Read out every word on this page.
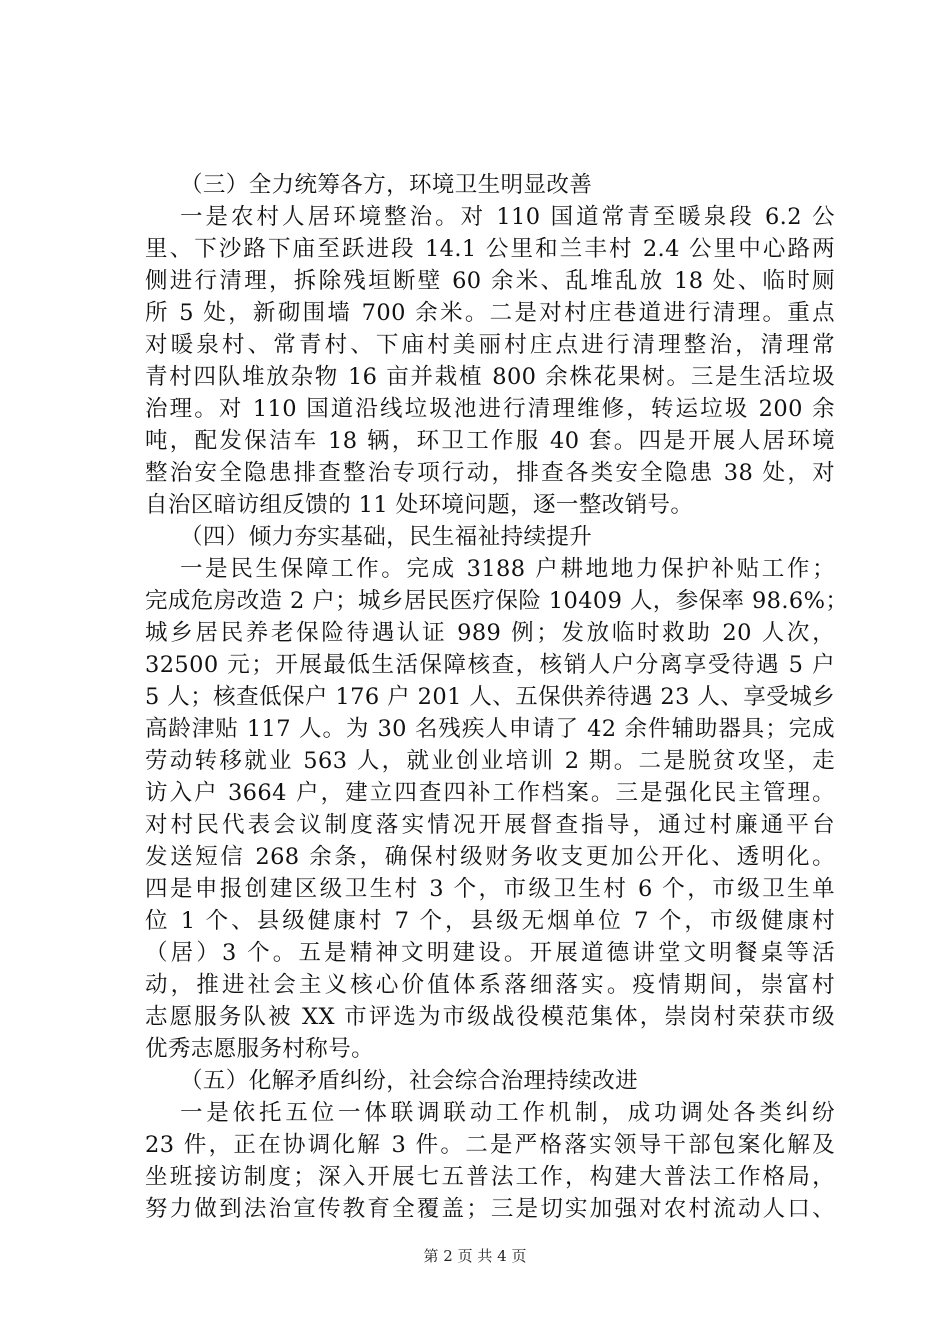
（三）全力统筹各方，环境卫生明显改善
一是农村人居环境整治。对 110 国道常青至暖泉段 6.2 公
里、下沙路下庙至跃进段 14.1 公里和兰丰村 2.4 公里中心路两
侧进行清理，拆除残垣断壁 60 余米、乱堆乱放 18 处、临时厕
所 5 处，新砌围墙 700 余米。二是对村庄巷道进行清理。重点
对暖泉村、常青村、下庙村美丽村庄点进行清理整治，清理常
青村四队堆放杂物 16 亩并栽植 800 余株花果树。三是生活垃圾
治理。对 110 国道沿线垃圾池进行清理维修，转运垃圾 200 余
吨，配发保洁车 18 辆，环卫工作服 40 套。四是开展人居环境
整治安全隐患排查整治专项行动，排查各类安全隐患 38 处，对
自治区暗访组反馈的 11 处环境问题，逐一整改销号。
（四）倾力夯实基础，民生福祉持续提升
一是民生保障工作。完成 3188 户耕地地力保护补贴工作；
完成危房改造 2 户；城乡居民医疗保险 10409 人，参保率 98.6%；
城乡居民养老保险待遇认证 989 例；发放临时救助 20 人次，
32500 元；开展最低生活保障核查，核销人户分离享受待遇 5 户
5 人；核查低保户 176 户 201 人、五保供养待遇 23 人、享受城乡
高龄津贴 117 人。为 30 名残疾人申请了 42 余件辅助器具；完成
劳动转移就业 563 人，就业创业培训 2 期。二是脱贫攻坚，走
访入户 3664 户，建立四查四补工作档案。三是强化民主管理。
对村民代表会议制度落实情况开展督查指导，通过村廉通平台
发送短信 268 余条，确保村级财务收支更加公开化、透明化。
四是申报创建区级卫生村 3 个，市级卫生村 6 个，市级卫生单
位 1 个、县级健康村 7 个，县级无烟单位 7 个，市级健康村
（居）3 个。五是精神文明建设。开展道德讲堂文明餐桌等活
动，推进社会主义核心价值体系落细落实。疫情期间，崇富村
志愿服务队被 XX 市评选为市级战役模范集体，崇岗村荣获市级
优秀志愿服务村称号。
（五）化解矛盾纠纷，社会综合治理持续改进
一是依托五位一体联调联动工作机制，成功调处各类纠纷
23 件，正在协调化解 3 件。二是严格落实领导干部包案化解及
坐班接访制度；深入开展七五普法工作，构建大普法工作格局，
努力做到法治宣传教育全覆盖；三是切实加强对农村流动人口、
第 2 页 共 4 页
